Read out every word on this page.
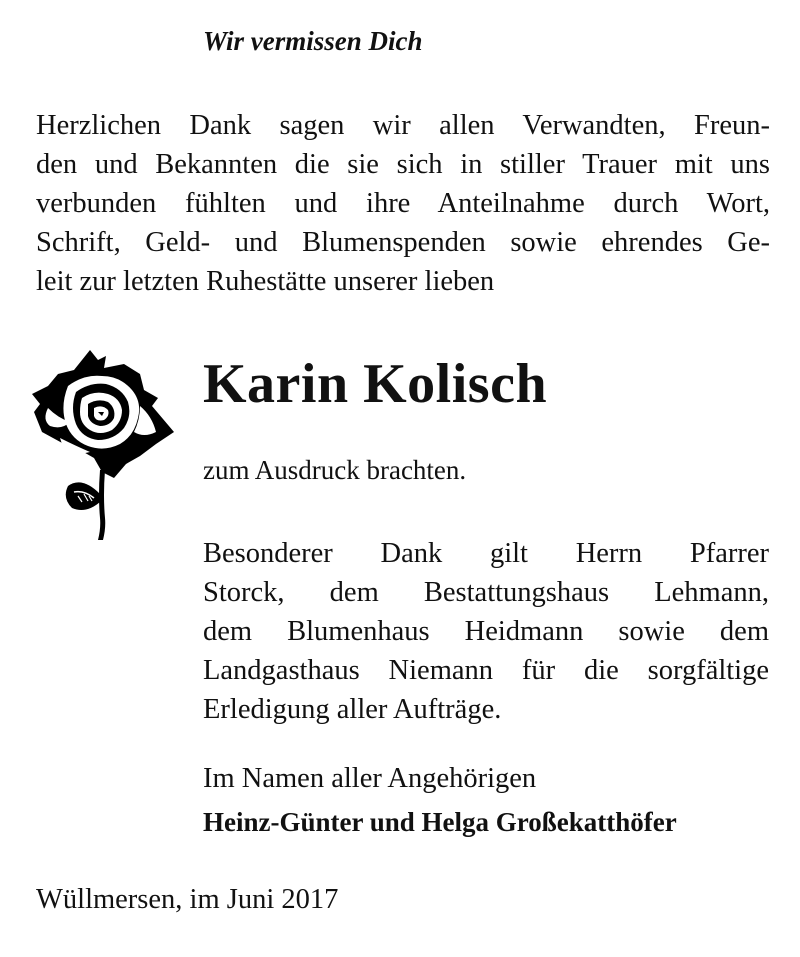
Wir vermissen Dich
Herzlichen Dank sagen wir allen Verwandten, Freun-
den und Bekannten die sie sich in stiller Trauer mit uns
verbunden fühlten und ihre Anteilnahme durch Wort,
Schrift, Geld- und Blumenspenden sowie ehrendes Ge-
leit zur letzten Ruhestätte unserer lieben
Karin Kolisch
zum Ausdruck brachten.
Besonderer Dank gilt Herrn Pfarrer
Storck, dem Bestattungshaus Lehmann,
dem Blumenhaus Heidmann sowie dem
Landgasthaus Niemann für die sorgfältige
Erledigung aller Aufträge.
Im Namen aller Angehörigen
Heinz-Günter und Helga Großekatthöfer
Wüllmersen, im Juni 2017
